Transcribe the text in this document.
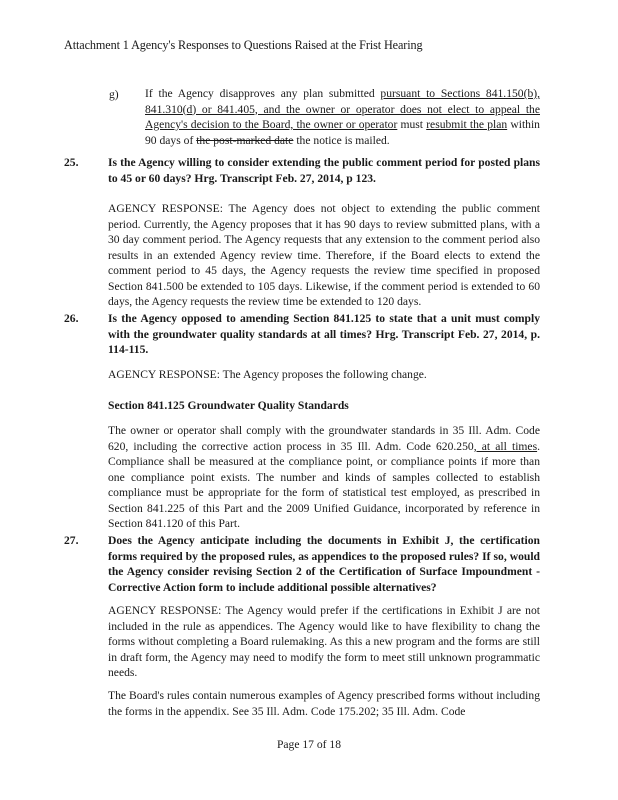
Attachment 1 Agency's Responses to Questions Raised at the Frist Hearing
g) If the Agency disapproves any plan submitted pursuant to Sections 841.150(b), 841.310(d) or 841.405, and the owner or operator does not elect to appeal the Agency's decision to the Board, the owner or operator must resubmit the plan within 90 days of the post-marked date the notice is mailed.
25.	Is the Agency willing to consider extending the public comment period for posted plans to 45 or 60 days? Hrg. Transcript Feb. 27, 2014, p 123.

AGENCY RESPONSE: The Agency does not object to extending the public comment period. Currently, the Agency proposes that it has 90 days to review submitted plans, with a 30 day comment period. The Agency requests that any extension to the comment period also results in an extended Agency review time. Therefore, if the Board elects to extend the comment period to 45 days, the Agency requests the review time specified in proposed Section 841.500 be extended to 105 days. Likewise, if the comment period is extended to 60 days, the Agency requests the review time be extended to 120 days.

26.	Is the Agency opposed to amending Section 841.125 to state that a unit must comply with the groundwater quality standards at all times? Hrg. Transcript Feb. 27, 2014, p. 114-115.

AGENCY RESPONSE: The Agency proposes the following change.

Section 841.125 Groundwater Quality Standards

The owner or operator shall comply with the groundwater standards in 35 Ill. Adm. Code 620, including the corrective action process in 35 Ill. Adm. Code 620.250, at all times. Compliance shall be measured at the compliance point, or compliance points if more than one compliance point exists. The number and kinds of samples collected to establish compliance must be appropriate for the form of statistical test employed, as prescribed in Section 841.225 of this Part and the 2009 Unified Guidance, incorporated by reference in Section 841.120 of this Part.
27.	Does the Agency anticipate including the documents in Exhibit J, the certification forms required by the proposed rules, as appendices to the proposed rules? If so, would the Agency consider revising Section 2 of the Certification of Surface Impoundment - Corrective Action form to include additional possible alternatives?

AGENCY RESPONSE: The Agency would prefer if the certifications in Exhibit J are not included in the rule as appendices. The Agency would like to have flexibility to chang the forms without completing a Board rulemaking. As this a new program and the forms are still in draft form, the Agency may need to modify the form to meet still unknown programmatic needs.

The Board's rules contain numerous examples of Agency prescribed forms without including the forms in the appendix. See 35 Ill. Adm. Code 175.202; 35 Ill. Adm. Code

Page 17 of 18
